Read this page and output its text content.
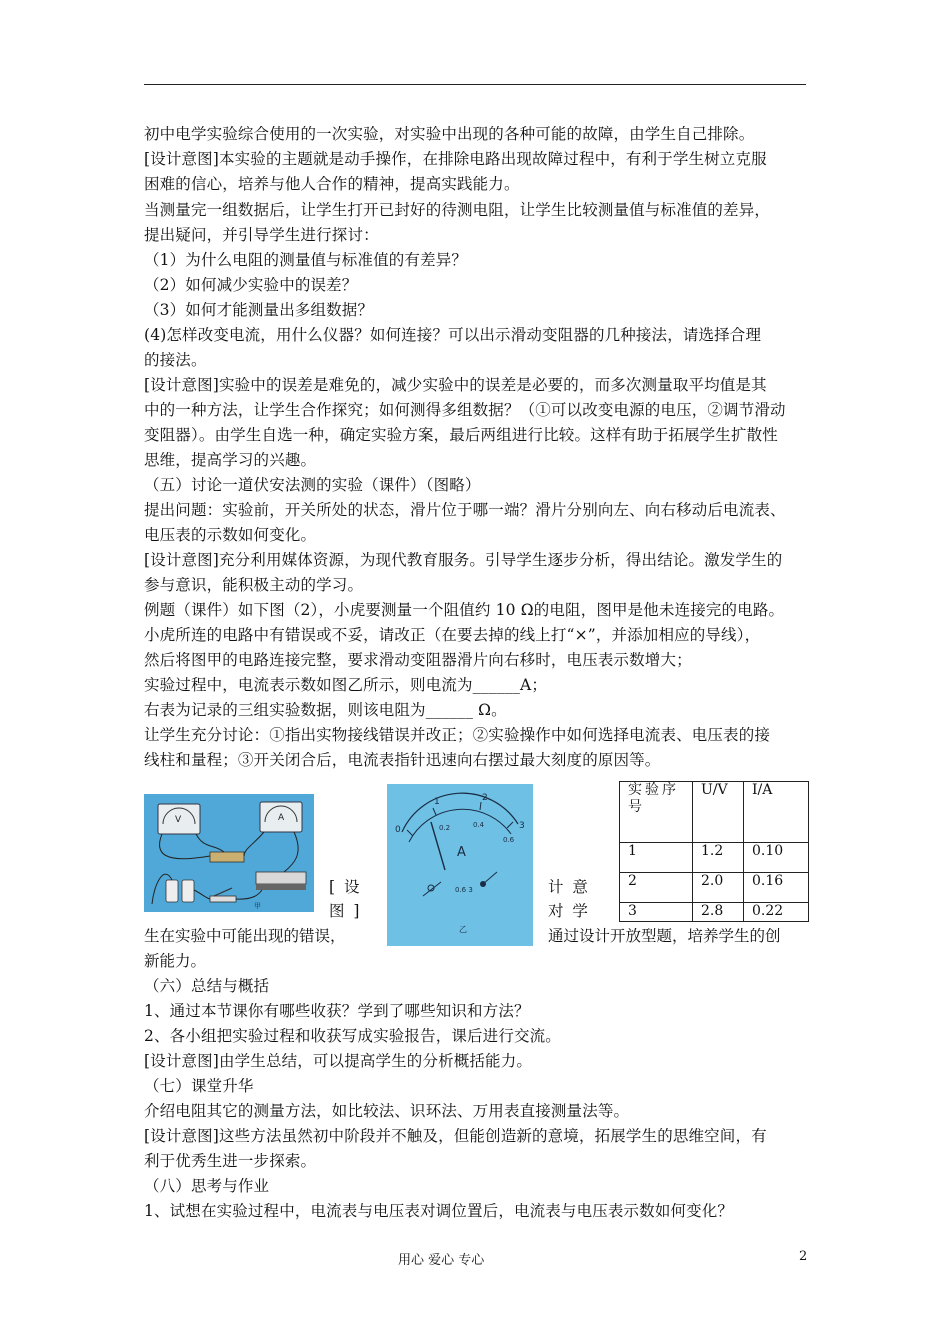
初中电学实验综合使用的一次实验，对实验中出现的各种可能的故障，由学生自己排除。
[设计意图]本实验的主题就是动手操作，在排除电路出现故障过程中，有利于学生树立克服
困难的信心，培养与他人合作的精神，提高实践能力。
当测量完一组数据后，让学生打开已封好的待测电阻，让学生比较测量值与标准值的差异，
提出疑问，并引导学生进行探讨：
（1）为什么电阻的测量值与标准值的有差异？
（2）如何减少实验中的误差？
（3）如何才能测量出多组数据？
(4)怎样改变电流，用什么仪器？如何连接？可以出示滑动变阻器的几种接法，请选择合理
的接法。
[设计意图]实验中的误差是难免的，减少实验中的误差是必要的，而多次测量取平均值是其
中的一种方法，让学生合作探究；如何测得多组数据？（①可以改变电源的电压，②调节滑动
变阻器）。由学生自选一种，确定实验方案，最后两组进行比较。这样有助于拓展学生扩散性
思维，提高学习的兴趣。
（五）讨论一道伏安法测的实验（课件）（图略）
提出问题：实验前，开关所处的状态，滑片位于哪一端？滑片分别向左、向右移动后电流表、
电压表的示数如何变化。
[设计意图]充分利用媒体资源，为现代教育服务。引导学生逐步分析，得出结论。激发学生的
参与意识，能积极主动的学习。
例题（课件）如下图（2），小虎要测量一个阻值约 10 Ω的电阻，图甲是他未连接完的电路。
小虎所连的电路中有错误或不妥，请改正（在要去掉的线上打“×”，并添加相应的导线），
然后将图甲的电路连接完整，要求滑动变阻器滑片向右移时，电压表示数增大；
实验过程中，电流表示数如图乙所示，则电流为______A；
右表为记录的三组实验数据，则该电阻为______ Ω。
让学生充分讨论：①指出实物接线错误并改正；②实验操作中如何选择电流表、电压表的接
线柱和量程；③开关闭合后，电流表指针迅速向右摆过最大刻度的原因等。
V	A
甲
[ 设
图 ]
计 意
对 学
生在实验中可能出现的错误，	通过设计开放型题，培养学生的创
新能力。
0
1	2
3
0.2	0.4
0.6
A
0.6 3
乙
实验序号	U/V	I/A
1	1.2	0.10
2	2.0	0.16
3	2.8	0.22
（六）总结与概括
1、通过本节课你有哪些收获？学到了哪些知识和方法？
2、各小组把实验过程和收获写成实验报告，课后进行交流。
[设计意图]由学生总结，可以提高学生的分析概括能力。
（七）课堂升华
介绍电阻其它的测量方法，如比较法、识环法、万用表直接测量法等。
[设计意图]这些方法虽然初中阶段并不触及，但能创造新的意境，拓展学生的思维空间，有
利于优秀生进一步探索。
（八）思考与作业
1、试想在实验过程中，电流表与电压表对调位置后，电流表与电压表示数如何变化？
用心 爱心 专心	2
